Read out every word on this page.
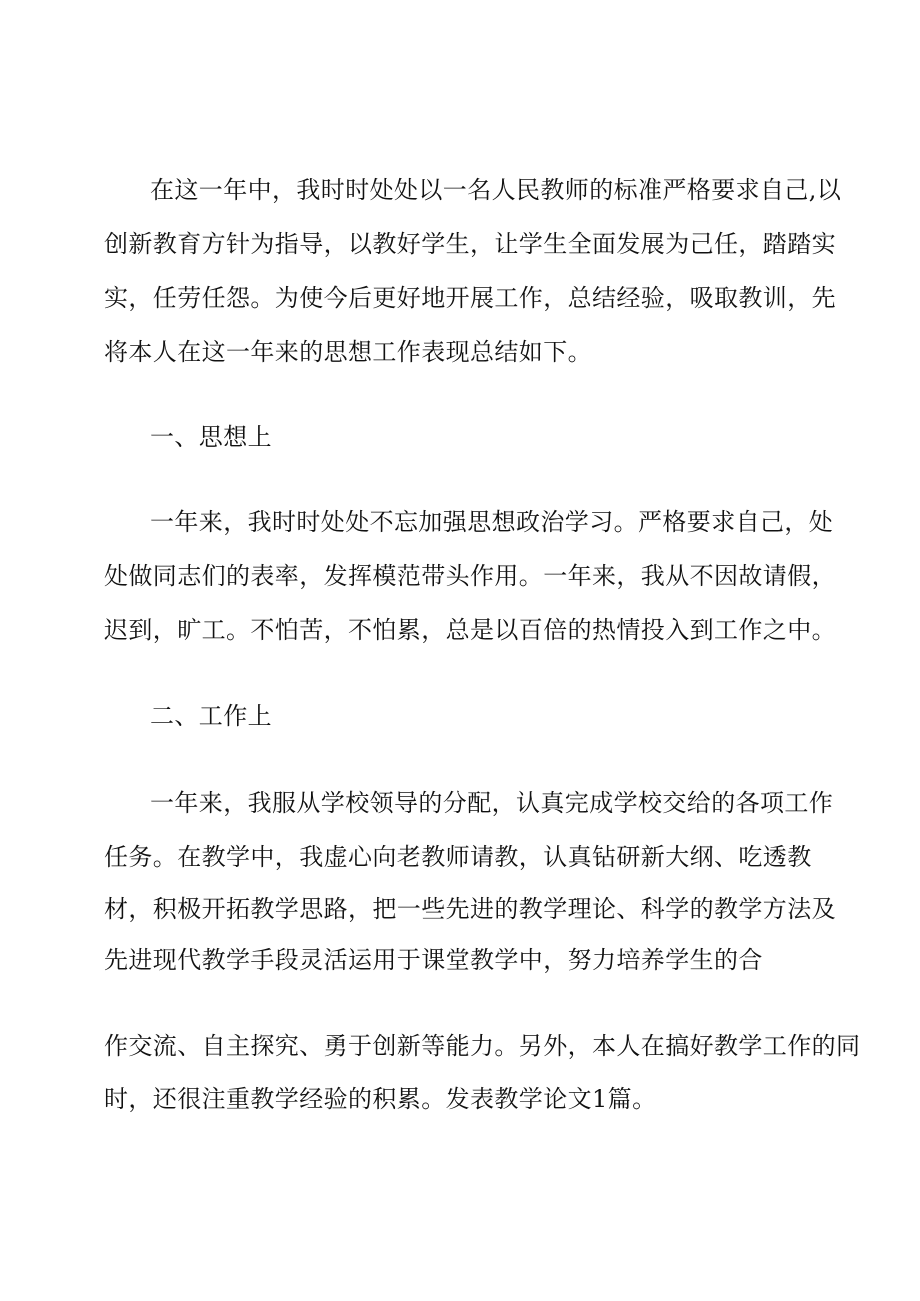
在这一年中，我时时处处以一名人民教师的标准严格要求自己,以
创新教育方针为指导，以教好学生，让学生全面发展为己任，踏踏实
实，任劳任怨。为使今后更好地开展工作，总结经验，吸取教训，先
将本人在这一年来的思想工作表现总结如下。
一、思想上
一年来，我时时处处不忘加强思想政治学习。严格要求自己，处
处做同志们的表率，发挥模范带头作用。一年来，我从不因故请假，
迟到，旷工。不怕苦，不怕累，总是以百倍的热情投入到工作之中。
二、工作上
一年来，我服从学校领导的分配，认真完成学校交给的各项工作
任务。在教学中，我虚心向老教师请教，认真钻研新大纲、吃透教
材，积极开拓教学思路，把一些先进的教学理论、科学的教学方法及
先进现代教学手段灵活运用于课堂教学中，努力培养学生的合
作交流、自主探究、勇于创新等能力。另外，本人在搞好教学工作的同
时，还很注重教学经验的积累。发表教学论文1篇。
